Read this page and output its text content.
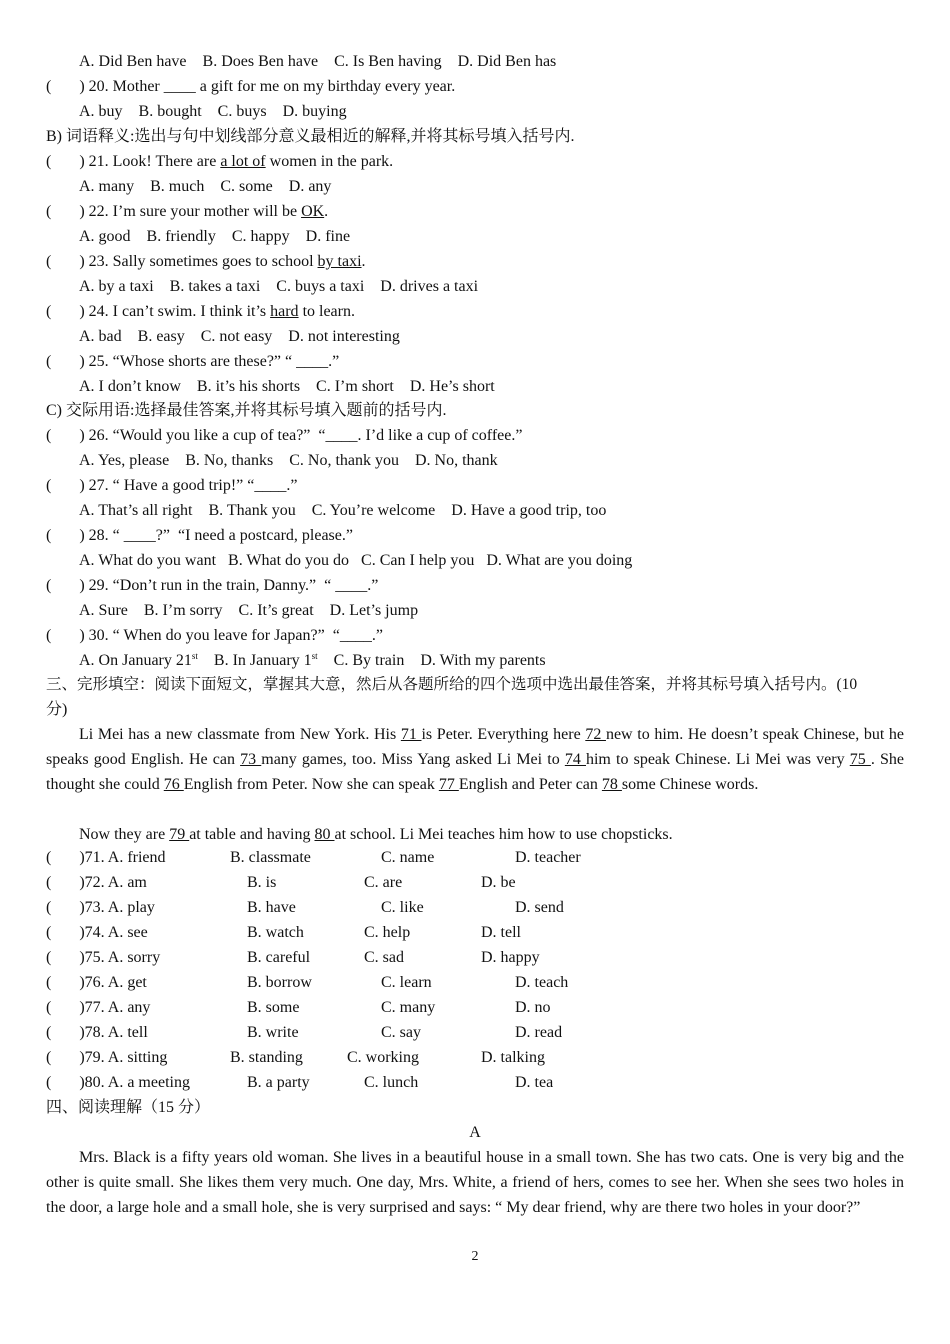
A. Did Ben have    B. Does Ben have    C. Is Ben having    D. Did Ben has
(       ) 20. Mother ____ a gift for me on my birthday every year.
A. buy    B. bought    C. buys    D. buying
B) 词语释义:选出与句中划线部分意义最相近的解释,并将其标号填入括号内.
(       ) 21. Look! There are a lot of women in the park.
A. many    B. much    C. some    D. any
(       ) 22. I’m sure your mother will be OK.
A. good    B. friendly    C. happy    D. fine
(       ) 23. Sally sometimes goes to school by taxi.
A. by a taxi    B. takes a taxi    C. buys a taxi    D. drives a taxi
(       ) 24. I can’t swim. I think it’s hard to learn.
A. bad    B. easy    C. not easy    D. not interesting
(       ) 25. “Whose shorts are these?” “ ____.”
A. I don’t know    B. it’s his shorts    C. I’m short    D. He’s short
C) 交际用语:选择最佳答案,并将其标号填入题前的括号内.
(       ) 26. “Would you like a cup of tea?”  “____. I’d like a cup of coffee.”
A. Yes, please    B. No, thanks    C. No, thank you    D. No, thank
(       ) 27. “ Have a good trip!” “____.”
A. That’s all right    B. Thank you    C. You’re welcome    D. Have a good trip, too
(       ) 28. “ ____?”  “I need a postcard, please.”
A. What do you want   B. What do you do   C. Can I help you   D. What are you doing
(       ) 29. “Don’t run in the train, Danny.”  “ ____.”
A. Sure    B. I’m sorry    C. It’s great    D. Let’s jump
(       ) 30. “ When do you leave for Japan?”  “____.”
A. On January 21st    B. In January 1st    C. By train    D. With my parents
三、完形填空：阅读下面短文，掌握其大意，然后从各题所给的四个选项中选出最佳答案，并将其标号填入括号内。(10
分)
Li Mei has a new classmate from New York. His 71 is Peter. Everything here 72 new to him. He doesn’t speak Chinese, but he speaks good English. He can 73 many games, too. Miss Yang asked Li Mei to 74 him to speak Chinese. Li Mei was very 75 . She thought she could 76 English from Peter. Now she can speak 77 English and Peter can 78 some Chinese words.
Now they are 79 at table and having 80 at school. Li Mei teaches him how to use chopsticks.
(       )71. A. friend	B. classmate	C. name	D. teacher
(       )72. A. am	B. is	C. are	D. be
(       )73. A. play	B. have	C. like	D. send
(       )74. A. see	B. watch	C. help	D. tell
(       )75. A. sorry	B. careful	C. sad	D. happy
(       )76. A. get	B. borrow	C. learn	D. teach
(       )77. A. any	B. some	C. many	D. no
(       )78. A. tell	B. write	C. say	D. read
(       )79. A. sitting	B. standing	C. working	D. talking
(       )80. A. a meeting	B. a party	C. lunch	D. tea
四、阅读理解（15 分）
A
Mrs. Black is a fifty years old woman. She lives in a beautiful house in a small town. She has two cats. One is very big and the other is quite small. She likes them very much. One day, Mrs. White, a friend of hers, comes to see her. When she sees two holes in the door, a large hole and a small hole, she is very surprised and says: “ My dear friend, why are there two holes in your door?”
2
